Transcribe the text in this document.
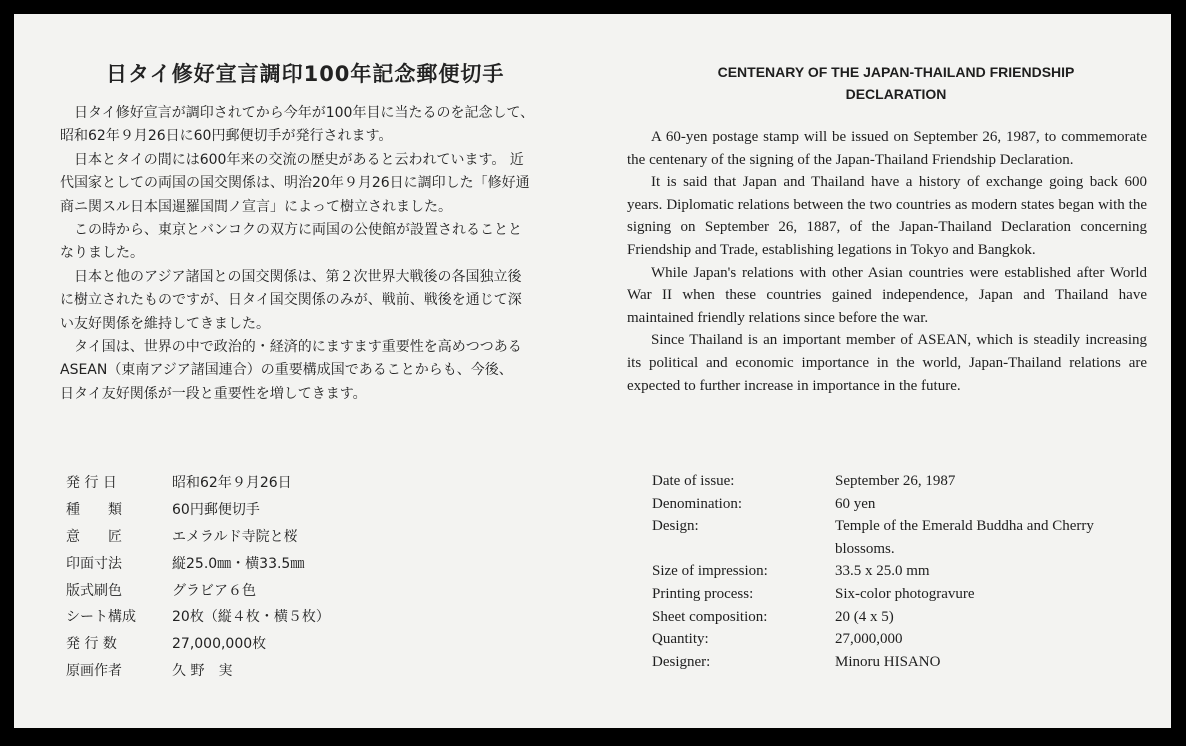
日タイ修好宣言調印100年記念郵便切手

日タイ修好宣言が調印されてから今年が100年目に当たるのを記念して、

昭和62年９月26日に60円郵便切手が発行されます。

日本とタイの間には600年来の交流の歴史があると云われています。 近

代国家としての両国の国交関係は、明治20年９月26日に調印した「修好通

商ニ関スル日本国
暹羅国間ノ宣言」によって樹立されました。

この時から、東京とバンコクの双方に両国の公使館が設置されることと

なりました。

日本と他のアジア諸国との国交関係は、第２次世界大戦後の各国独立後

に樹立されたものですが、日タイ国交関係のみが、戦前、戦後を通じて深

い友好関係を維持してきました。

タイ国は、世界の中で政治的・経済的にますます重要性を高めつつある

ASEAN（東南アジア諸国連合）の重要構成国であることからも、今後、

日タイ友好関係が一段と重要性を増してきます。

発 行 日	昭和62年９月26日
種　　類	60円郵便切手
意　　匠	エメラルド寺院と桜
印面寸法	縦25.0㎜・横33.5㎜
版式刷色	グラビア６色
シート構成	20枚（縦４枚・横５枚）
発 行 数	27,000,000枚
原画作者	久 野　実
CENTENARY OF THE JAPAN-THAILAND FRIENDSHIP
DECLARATION

A 60-yen postage stamp will be issued on September 26, 1987, to commemorate the centenary of the signing of the Japan-Thailand Friendship Declaration.

It is said that Japan and Thailand have a history of exchange going back 600 years. Diplomatic relations between the two countries as modern states began with the signing on September 26, 1887, of the Japan-Thailand Declaration concerning Friendship and Trade, establishing legations in Tokyo and Bangkok.

While Japan's relations with other Asian countries were established after World War II when these countries gained independence, Japan and Thailand have maintained friendly relations since before the war.

Since Thailand is an important member of ASEAN, which is steadily increasing its political and economic importance in the world, Japan-Thailand relations are expected to further increase in importance in the future.

Date of issue:	September 26, 1987
Denomination:	60 yen
Design:	Temple of the Emerald Buddha and Cherry blossoms.
Size of impression:	33.5 x 25.0 mm
Printing process:	Six-color photogravure
Sheet composition:	20 (4 x 5)
Quantity:	27,000,000
Designer:	Minoru HISANO
